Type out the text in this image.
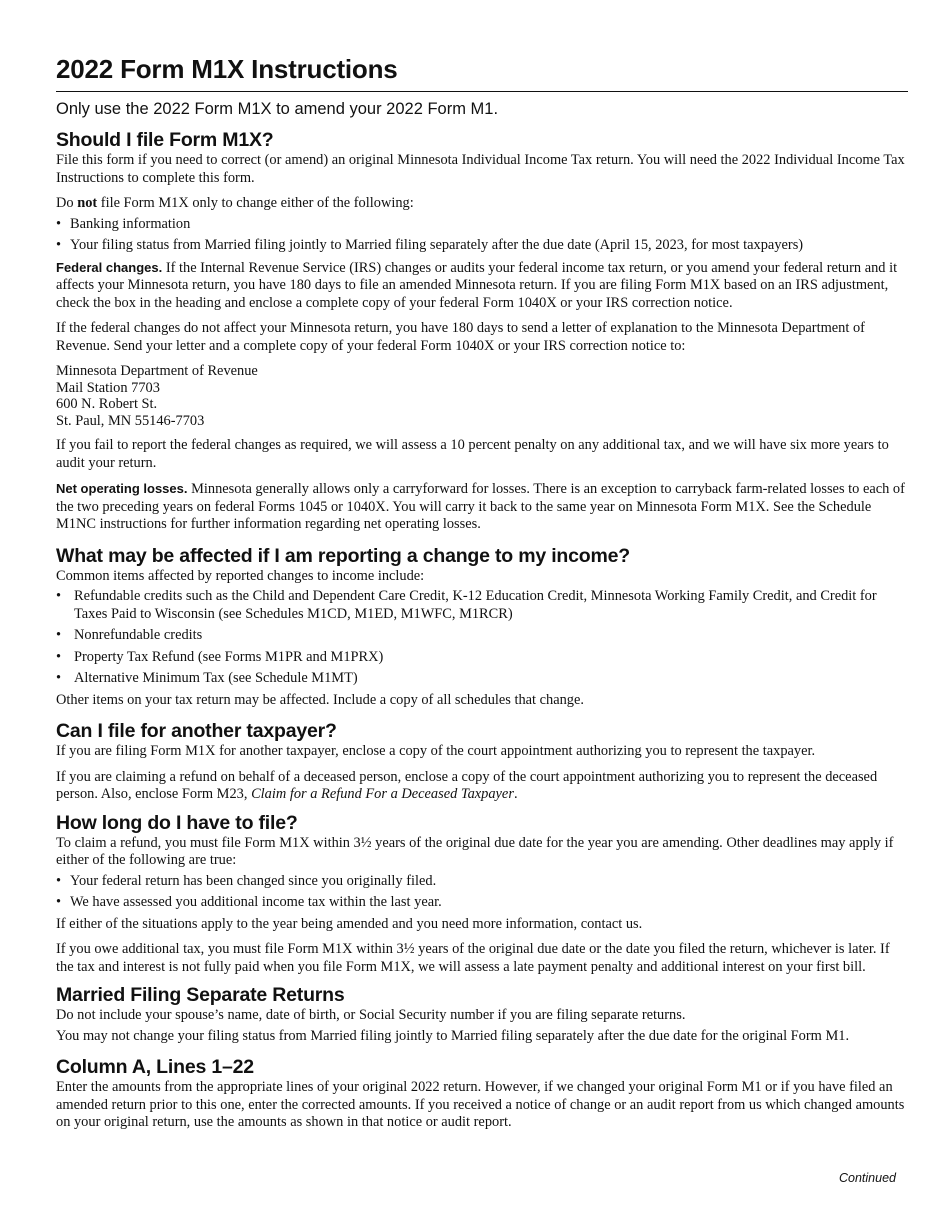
2022 Form M1X Instructions
Only use the 2022 Form M1X to amend your 2022 Form M1.
Should I file Form M1X?

File this form if you need to correct (or amend) an original Minnesota Individual Income Tax return. You will need the 2022 Individual Income Tax Instructions to complete this form.

Do not file Form M1X only to change either of the following:

• Banking information
• Your filing status from Married filing jointly to Married filing separately after the due date (April 15, 2023, for most taxpayers)

Federal changes. If the Internal Revenue Service (IRS) changes or audits your federal income tax return, or you amend your federal return and it affects your Minnesota return, you have 180 days to file an amended Minnesota return. If you are filing Form M1X based on an IRS adjustment, check the box in the heading and enclose a complete copy of your federal Form 1040X or your IRS correction notice.

If the federal changes do not affect your Minnesota return, you have 180 days to send a letter of explanation to the Minnesota Department of Revenue. Send your letter and a complete copy of your federal Form 1040X or your IRS correction notice to:

Minnesota Department of Revenue
Mail Station 7703
600 N. Robert St.
St. Paul, MN 55146-7703

If you fail to report the federal changes as required, we will assess a 10 percent penalty on any additional tax, and we will have six more years to audit your return.

Net operating losses. Minnesota generally allows only a carryforward for losses. There is an exception to carryback farm-related losses to each of the two preceding years on federal Forms 1045 or 1040X. You will carry it back to the same year on Minnesota Form M1X. See the Schedule M1NC instructions for further information regarding net operating losses.

What may be affected if I am reporting a change to my income?

Common items affected by reported changes to income include:

• Refundable credits such as the Child and Dependent Care Credit, K-12 Education Credit, Minnesota Working Family Credit, and Credit for Taxes Paid to Wisconsin (see Schedules M1CD, M1ED, M1WFC, M1RCR)
• Nonrefundable credits
• Property Tax Refund (see Forms M1PR and M1PRX)
• Alternative Minimum Tax (see Schedule M1MT)

Other items on your tax return may be affected. Include a copy of all schedules that change.

Can I file for another taxpayer?

If you are filing Form M1X for another taxpayer, enclose a copy of the court appointment authorizing you to represent the taxpayer.

If you are claiming a refund on behalf of a deceased person, enclose a copy of the court appointment authorizing you to represent the deceased person. Also, enclose Form M23, Claim for a Refund For a Deceased Taxpayer.

How long do I have to file?

To claim a refund, you must file Form M1X within 3½ years of the original due date for the year you are amending. Other deadlines may apply if either of the following are true:

• Your federal return has been changed since you originally filed.
• We have assessed you additional income tax within the last year.

If either of the situations apply to the year being amended and you need more information, contact us.

If you owe additional tax, you must file Form M1X within 3½ years of the original due date or the date you filed the return, whichever is later. If the tax and interest is not fully paid when you file Form M1X, we will assess a late payment penalty and additional interest on your first bill.

Married Filing Separate Returns

Do not include your spouse’s name, date of birth, or Social Security number if you are filing separate returns.

You may not change your filing status from Married filing jointly to Married filing separately after the due date for the original Form M1.

Column A, Lines 1–22

Enter the amounts from the appropriate lines of your original 2022 return. However, if we changed your original Form M1 or if you have filed an amended return prior to this one, enter the corrected amounts. If you received a notice of change or an audit report from us which changed amounts on your original return, use the amounts as shown in that notice or audit report.

Continued
